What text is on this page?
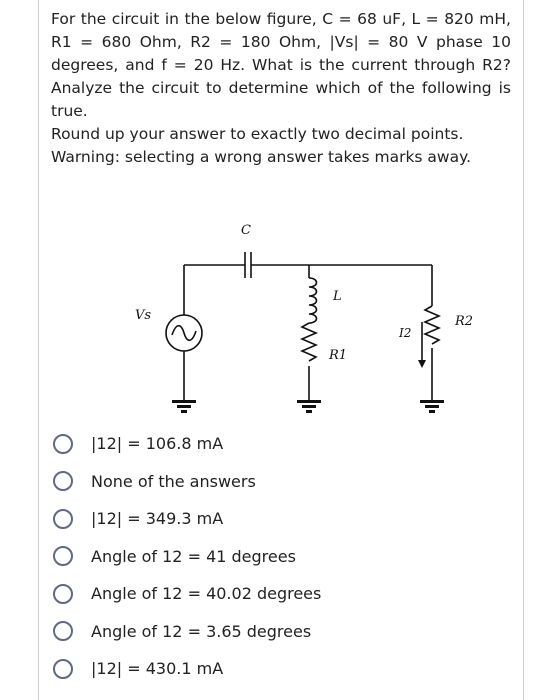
For the circuit in the below figure, C = 68 uF, L = 820 mH, R1 = 680 Ohm, R2 = 180 Ohm, |Vs| = 80 V phase 10 degrees, and f = 20 Hz. What is the current through R2? Analyze the circuit to determine which of the following is true.

Round up your answer to exactly two decimal points.

Warning: selecting a wrong answer takes marks away.

C
Vs
L
R1
R2
I2
|12| = 106.8 mA
None of the answers
|12| = 349.3 mA
Angle of 12 = 41 degrees
Angle of 12 = 40.02 degrees
Angle of 12 = 3.65 degrees
|12| = 430.1 mA
